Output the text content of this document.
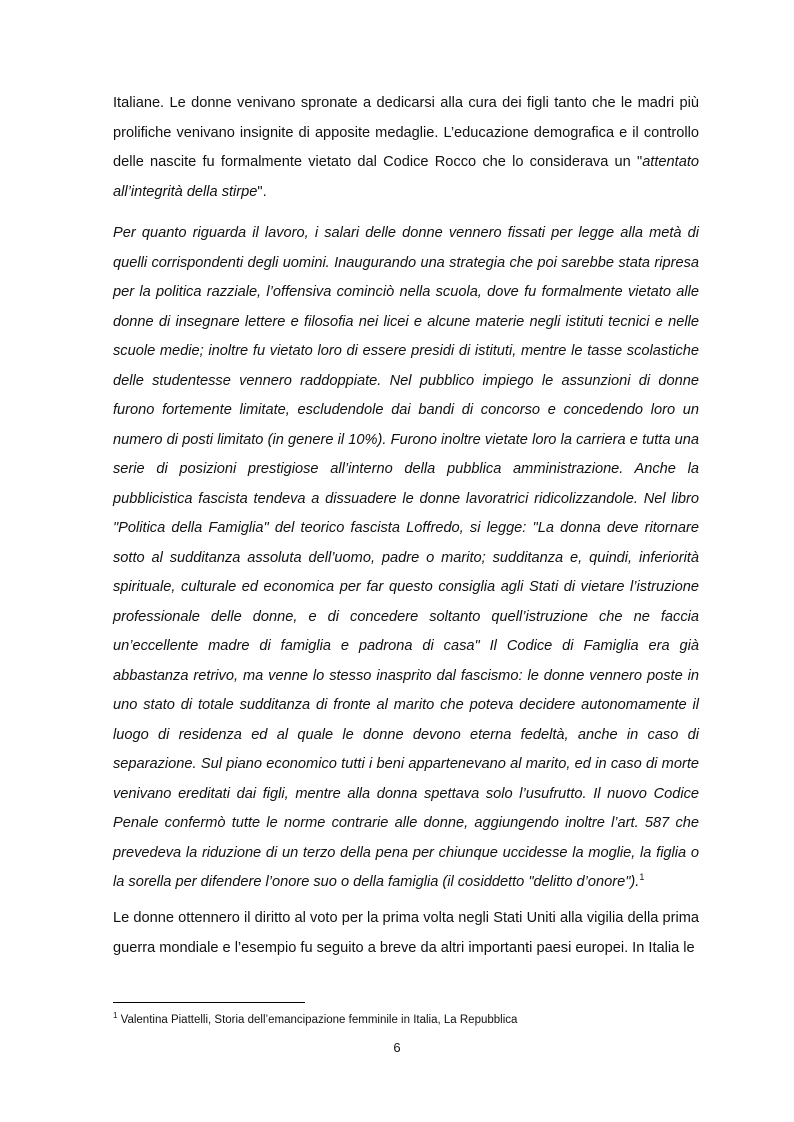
Italiane. Le donne venivano spronate a dedicarsi alla cura dei figli tanto che le madri più prolifiche venivano insignite di apposite medaglie. L’educazione demografica e il controllo delle nascite fu formalmente vietato dal Codice Rocco che lo considerava un "attentato all’integrità della stirpe".

Per quanto riguarda il lavoro, i salari delle donne vennero fissati per legge alla metà di quelli corrispondenti degli uomini. Inaugurando una strategia che poi sarebbe stata ripresa per la politica razziale, l’offensiva cominciò nella scuola, dove fu formalmente vietato alle donne di insegnare lettere e filosofia nei licei e alcune materie negli istituti tecnici e nelle scuole medie; inoltre fu vietato loro di essere presidi di istituti, mentre le tasse scolastiche delle studentesse vennero raddoppiate. Nel pubblico impiego le assunzioni di donne furono fortemente limitate, escludendole dai bandi di concorso e concedendo loro un numero di posti limitato (in genere il 10%). Furono inoltre vietate loro la carriera e tutta una serie di posizioni prestigiose all’interno della pubblica amministrazione. Anche la pubblicistica fascista tendeva a dissuadere le donne lavoratrici ridicolizzandole. Nel libro "Politica della Famiglia" del teorico fascista Loffredo, si legge: "La donna deve ritornare sotto al sudditanza assoluta dell’uomo, padre o marito; sudditanza e, quindi, inferiorità spirituale, culturale ed economica per far questo consiglia agli Stati di vietare l’istruzione professionale delle donne, e di concedere soltanto quell’istruzione che ne faccia un’eccellente madre di famiglia e padrona di casa" Il Codice di Famiglia era già abbastanza retrivo, ma venne lo stesso inasprito dal fascismo: le donne vennero poste in uno stato di totale sudditanza di fronte al marito che poteva decidere autonomamente il luogo di residenza ed al quale le donne devono eterna fedeltà, anche in caso di separazione. Sul piano economico tutti i beni appartenevano al marito, ed in caso di morte venivano ereditati dai figli, mentre alla donna spettava solo l’usufrutto. Il nuovo Codice Penale confermò tutte le norme contrarie alle donne, aggiungendo inoltre l’art. 587 che prevedeva la riduzione di un terzo della pena per chiunque uccidesse la moglie, la figlia o la sorella per difendere l’onore suo o della famiglia (il cosiddetto "delitto d’onore").$^1$

Le donne ottennero il diritto al voto per la prima volta negli Stati Uniti alla vigilia della prima guerra mondiale e l’esempio fu seguito a breve da altri importanti paesi europei. In Italia le

$^1$ Valentina Piattelli, Storia dell’emancipazione femminile in Italia, La Repubblica

6
